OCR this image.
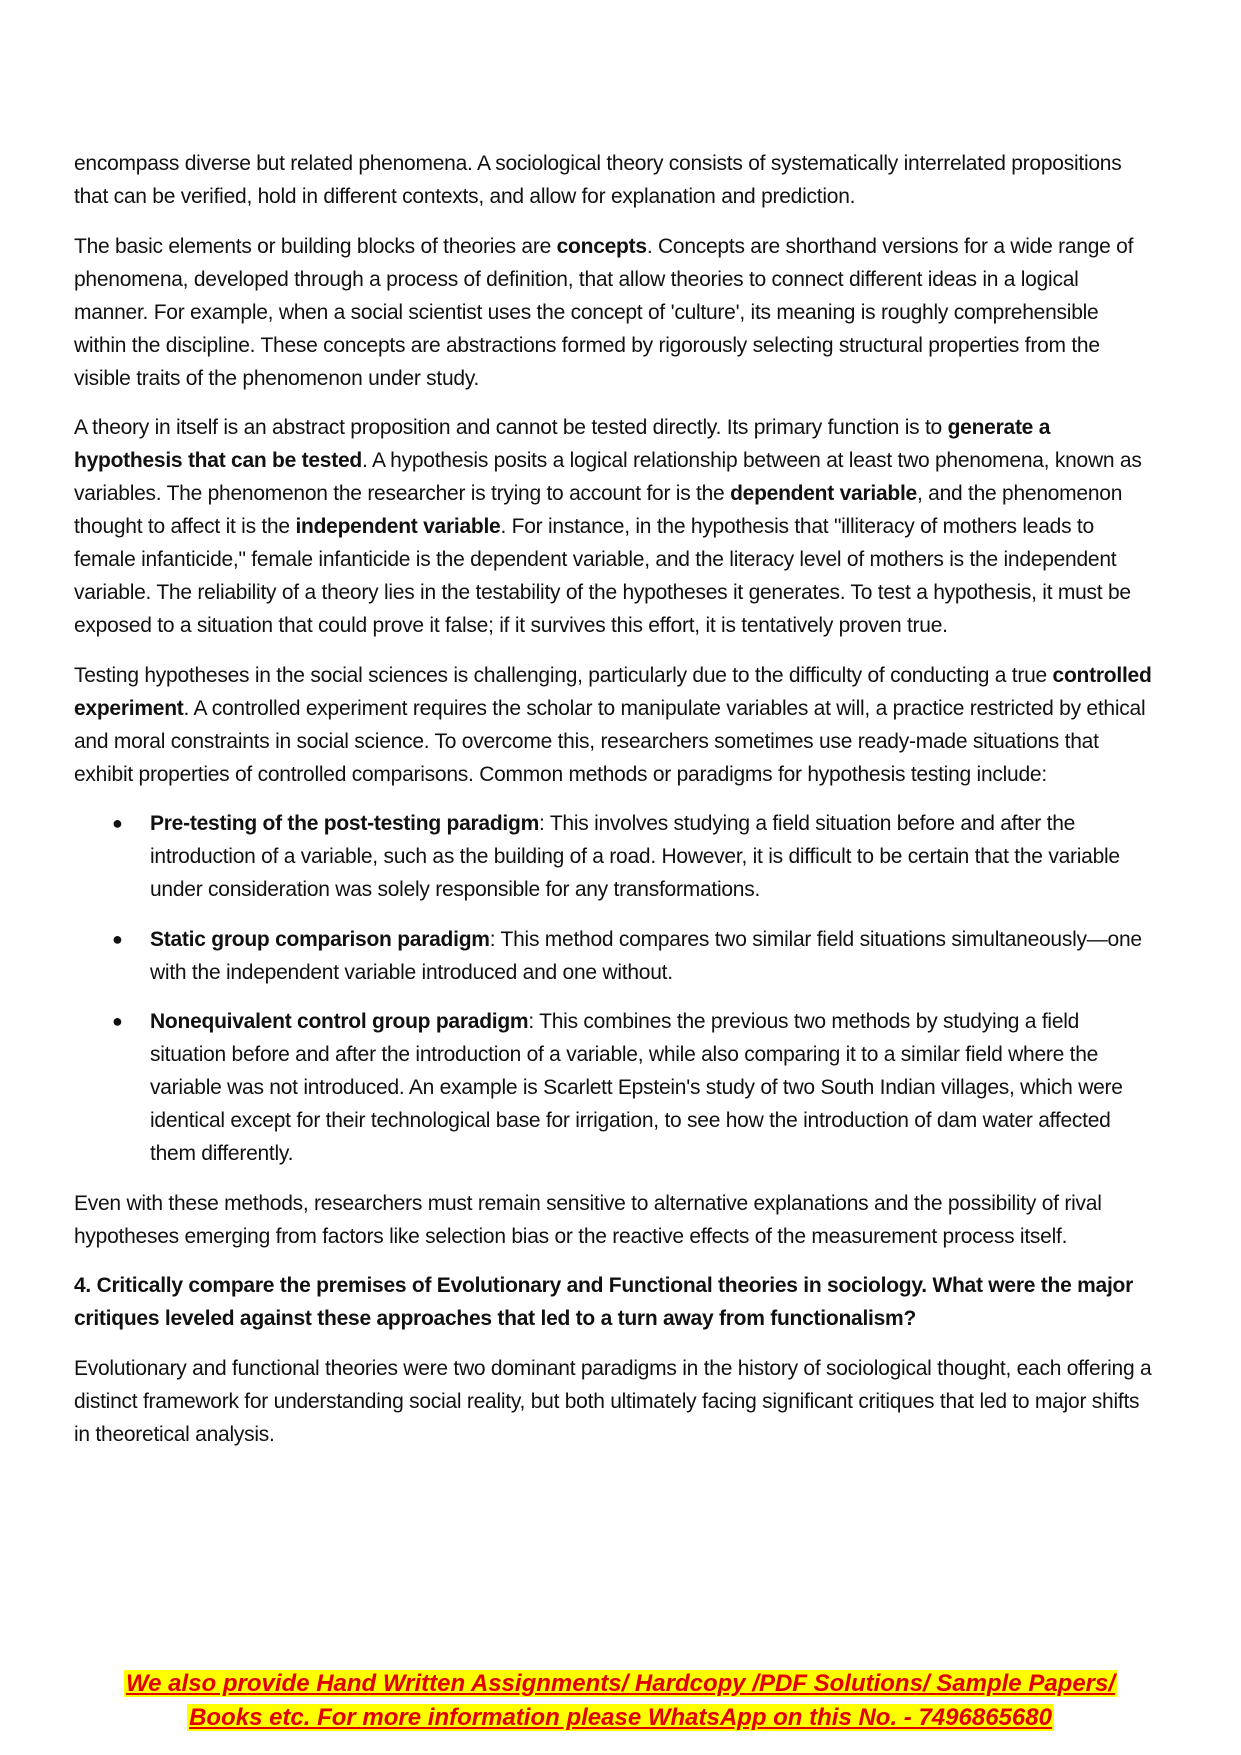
encompass diverse but related phenomena. A sociological theory consists of systematically interrelated propositions that can be verified, hold in different contexts, and allow for explanation and prediction.

The basic elements or building blocks of theories are concepts. Concepts are shorthand versions for a wide range of phenomena, developed through a process of definition, that allow theories to connect different ideas in a logical manner. For example, when a social scientist uses the concept of 'culture', its meaning is roughly comprehensible within the discipline. These concepts are abstractions formed by rigorously selecting structural properties from the visible traits of the phenomenon under study.

A theory in itself is an abstract proposition and cannot be tested directly. Its primary function is to generate a hypothesis that can be tested. A hypothesis posits a logical relationship between at least two phenomena, known as variables. The phenomenon the researcher is trying to account for is the dependent variable, and the phenomenon thought to affect it is the independent variable. For instance, in the hypothesis that "illiteracy of mothers leads to female infanticide," female infanticide is the dependent variable, and the literacy level of mothers is the independent variable. The reliability of a theory lies in the testability of the hypotheses it generates. To test a hypothesis, it must be exposed to a situation that could prove it false; if it survives this effort, it is tentatively proven true.

Testing hypotheses in the social sciences is challenging, particularly due to the difficulty of conducting a true controlled experiment. A controlled experiment requires the scholar to manipulate variables at will, a practice restricted by ethical and moral constraints in social science. To overcome this, researchers sometimes use ready-made situations that exhibit properties of controlled comparisons. Common methods or paradigms for hypothesis testing include:

● Pre-testing of the post-testing paradigm: This involves studying a field situation before and after the introduction of a variable, such as the building of a road. However, it is difficult to be certain that the variable under consideration was solely responsible for any transformations.
● Static group comparison paradigm: This method compares two similar field situations simultaneously—one with the independent variable introduced and one without.
● Nonequivalent control group paradigm: This combines the previous two methods by studying a field situation before and after the introduction of a variable, while also comparing it to a similar field where the variable was not introduced. An example is Scarlett Epstein's study of two South Indian villages, which were identical except for their technological base for irrigation, to see how the introduction of dam water affected them differently.

Even with these methods, researchers must remain sensitive to alternative explanations and the possibility of rival hypotheses emerging from factors like selection bias or the reactive effects of the measurement process itself.

4. Critically compare the premises of Evolutionary and Functional theories in sociology. What were the major critiques leveled against these approaches that led to a turn away from functionalism?

Evolutionary and functional theories were two dominant paradigms in the history of sociological thought, each offering a distinct framework for understanding social reality, but both ultimately facing significant critiques that led to major shifts in theoretical analysis.

We also provide Hand Written Assignments/ Hardcopy /PDF Solutions/ Sample Papers/
Books etc. For more information please WhatsApp on this No. - 7496865680
